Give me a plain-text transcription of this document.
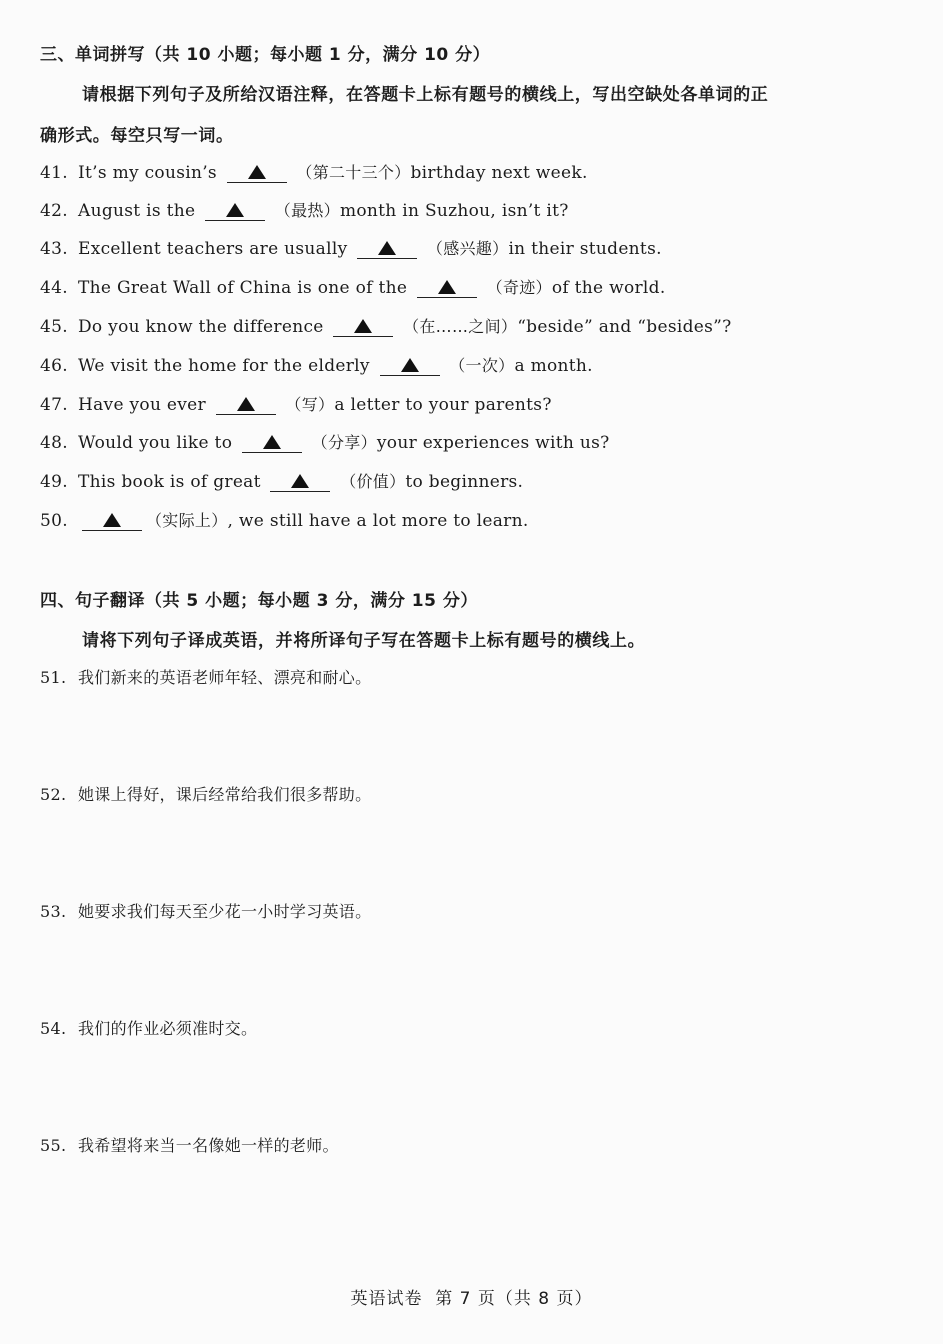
三、单词拼写（共 10 小题；每小题 1 分，满分 10 分）
请根据下列句子及所给汉语注释，在答题卡上标有题号的横线上，写出空缺处各单词的正
确形式。每空只写一词。
41. It’s my cousin’s	（第二十三个）birthday next week.
42. August is the	（最热）month in Suzhou, isn’t it?
43. Excellent teachers are usually	（感兴趣）in their students.
44. The Great Wall of China is one of the	（奇迹）of the world.
45. Do you know the difference	（在……之间）“beside” and “besides”?
46. We visit the home for the elderly	（一次）a month.
47. Have you ever	（写）a letter to your parents?
48. Would you like to	（分享）your experiences with us?
49. This book is of great	（价值）to beginners.
50.	（实际上）, we still have a lot more to learn.
四、句子翻译（共 5 小题；每小题 3 分，满分 15 分）
请将下列句子译成英语，并将所译句子写在答题卡上标有题号的横线上。
51. 我们新来的英语老师年轻、漂亮和耐心。
52. 她课上得好，课后经常给我们很多帮助。
53. 她要求我们每天至少花一小时学习英语。
54. 我们的作业必须准时交。
55. 我希望将来当一名像她一样的老师。
英语试卷  第 7 页（共 8 页）
